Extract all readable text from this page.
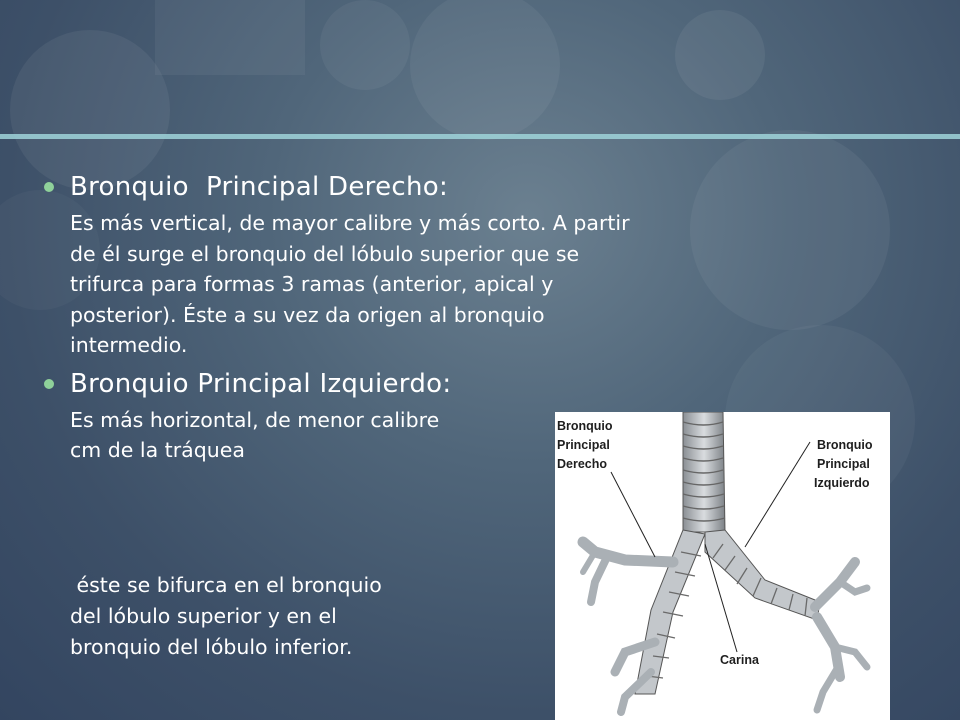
Bronquio  Principal Derecho:
Es más vertical, de mayor calibre y más corto. A partir
de él surge el bronquio del lóbulo superior que se
trifurca para formas 3 ramas (anterior, apical y
posterior). Éste a su vez da origen al bronquio
intermedio.
Bronquio Principal Izquierdo:
Es más horizontal, de menor calibre
cm de la tráquea
éste se bifurca en el bronquio
del lóbulo superior y en el
bronquio del lóbulo inferior.
Bronquio
Principal
Derecho
Bronquio
Principal
Izquierdo
Carina
